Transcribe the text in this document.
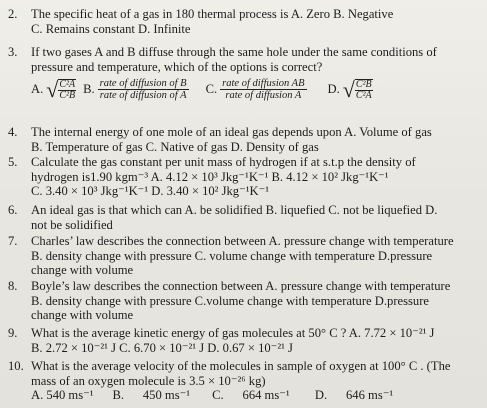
2.	The specific heat of a gas in 180 thermal process is A. Zero B. Negative
C. Remains constant D. Infinite
3.	If two gases A and B diffuse through the same hole under the same conditions of
pressure and temperature, which of the options is correct?
A. √ $\frac{\text{C²A}}{\text{C²B}} B$. $\frac{\text{rate of diffusion of B}}{\text{rate of diffusion of A}} C$. $\frac{\text{rate of diffusion AB}}{\text{rate of diffusion A}} D$. √ $\frac{\text{C²B}}{\text{C²A}}$
4.	The internal energy of one mole of an ideal gas depends upon A. Volume of gas
B. Temperature of gas C. Native of gas D. Density of gas
5.	Calculate the gas constant per unit mass of hydrogen if at s.t.p the density of
hydrogen is1.90 kgm⁻³ A. 4.12 × 10³ Jkg⁻¹K⁻¹ B. 4.12 × 10² Jkg⁻¹K⁻¹
C. 3.40 × 10³ Jkg⁻¹K⁻¹ D. 3.40 × 10² Jkg⁻¹K⁻¹
6.	An ideal gas is that which can A. be solidified B. liquefied C. not be liquefied D.
not be solidified
7.	Charles’ law describes the connection between A. pressure change with temperature
B. density change with pressure C. volume change with temperature D.pressure
change with volume
8.	Boyle’s law describes the connection between A. pressure change with temperature
B. density change with pressure C.volume change with temperature D.pressure
change with volume
9.	What is the average kinetic energy of gas molecules at 50° C ? A. 7.72 × 10⁻²¹ J
B. 2.72 × 10⁻²¹ J C. 6.70 × 10⁻²¹ J D. 0.67 × 10⁻²¹ J
10. What is the average velocity of the molecules in sample of oxygen at 100° C . (The
mass of an oxygen molecule is 3.5 × 10⁻²⁶ kg)
A. 540 ms⁻¹      B.      450 ms⁻¹       C.      664 ms⁻¹        D.      646 ms⁻¹
